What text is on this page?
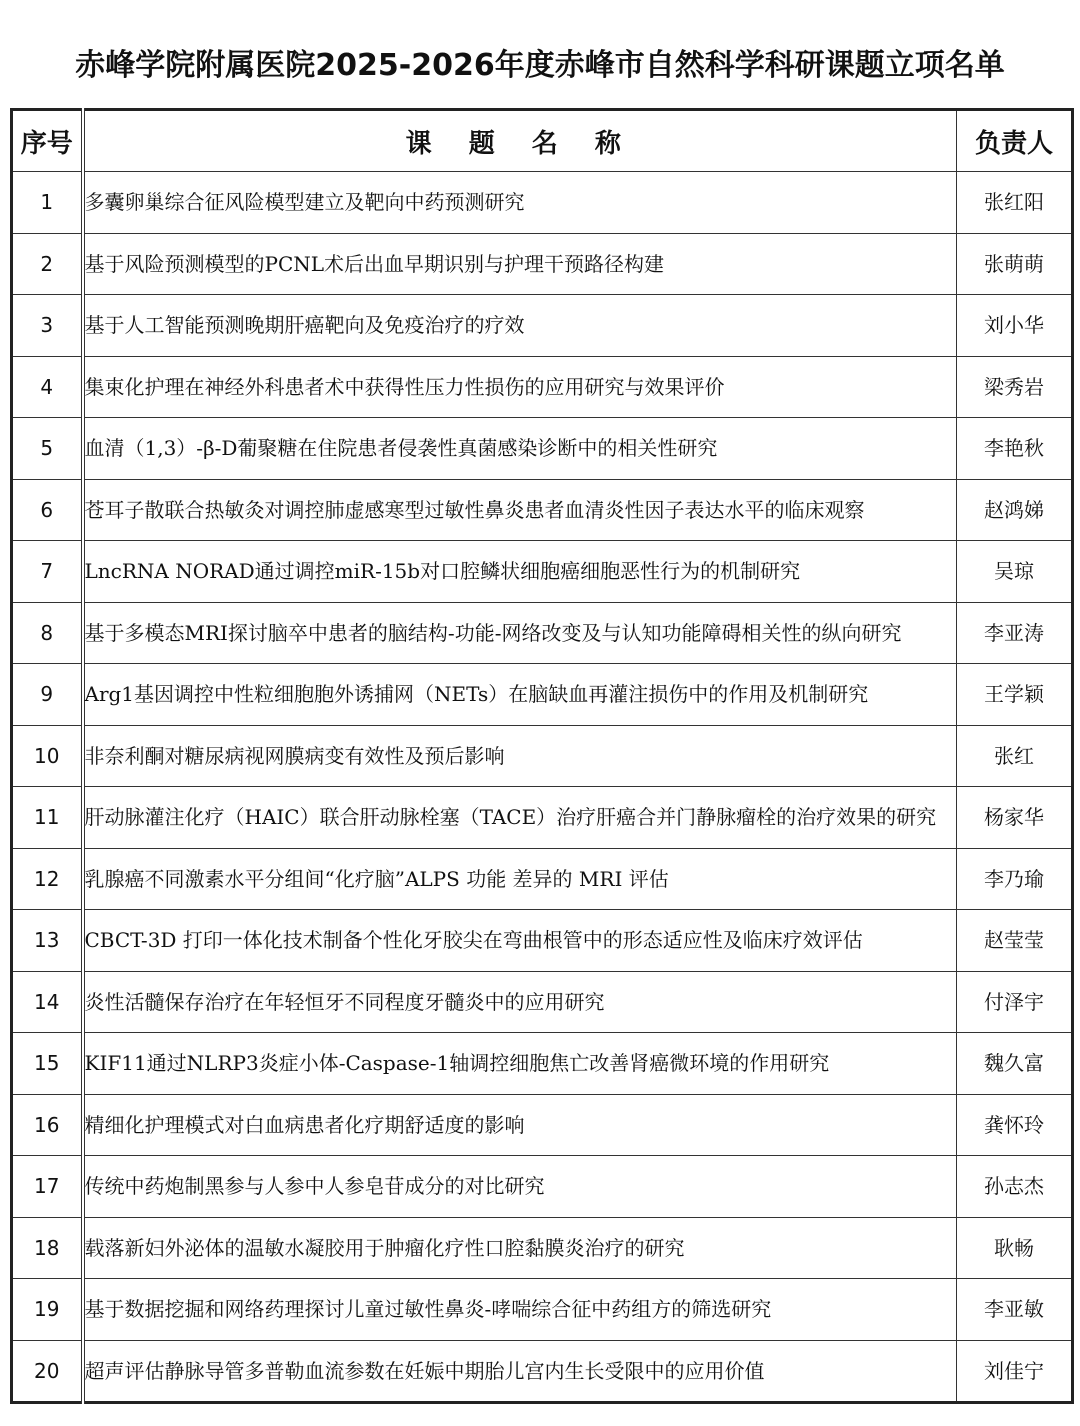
赤峰学院附属医院2025-2026年度赤峰市自然科学科研课题立项名单
序号	课 题 名 称	负责人
1	多囊卵巢综合征风险模型建立及靶向中药预测研究	张红阳
2	基于风险预测模型的PCNL术后出血早期识别与护理干预路径构建	张萌萌
3	基于人工智能预测晚期肝癌靶向及免疫治疗的疗效	刘小华
4	集束化护理在神经外科患者术中获得性压力性损伤的应用研究与效果评价	梁秀岩
5	血清（1,3）-β-D葡聚糖在住院患者侵袭性真菌感染诊断中的相关性研究	李艳秋
6	苍耳子散联合热敏灸对调控肺虚感寒型过敏性鼻炎患者血清炎性因子表达水平的临床观察	赵鸿娣
7	LncRNA NORAD通过调控miR-15b对口腔鳞状细胞癌细胞恶性行为的机制研究	吴琼
8	基于多模态MRI探讨脑卒中患者的脑结构-功能-网络改变及与认知功能障碍相关性的纵向研究	李亚涛
9	Arg1基因调控中性粒细胞胞外诱捕网（NETs）在脑缺血再灌注损伤中的作用及机制研究	王学颖
10	非奈利酮对糖尿病视网膜病变有效性及预后影响	张红
11	肝动脉灌注化疗（HAIC）联合肝动脉栓塞（TACE）治疗肝癌合并门静脉瘤栓的治疗效果的研究	杨家华
12	乳腺癌不同激素水平分组间“化疗脑”ALPS 功能 差异的 MRI 评估	李乃瑜
13	CBCT-3D 打印一体化技术制备个性化牙胶尖在弯曲根管中的形态适应性及临床疗效评估	赵莹莹
14	炎性活髓保存治疗在年轻恒牙不同程度牙髓炎中的应用研究	付泽宇
15	KIF11通过NLRP3炎症小体-Caspase-1轴调控细胞焦亡改善肾癌微环境的作用研究	魏久富
16	精细化护理模式对白血病患者化疗期舒适度的影响	龚怀玲
17	传统中药炮制黑参与人参中人参皂苷成分的对比研究	孙志杰
18	载落新妇外泌体的温敏水凝胶用于肿瘤化疗性口腔黏膜炎治疗的研究	耿畅
19	基于数据挖掘和网络药理探讨儿童过敏性鼻炎-哮喘综合征中药组方的筛选研究	李亚敏
20	超声评估静脉导管多普勒血流参数在妊娠中期胎儿宫内生长受限中的应用价值	刘佳宁
